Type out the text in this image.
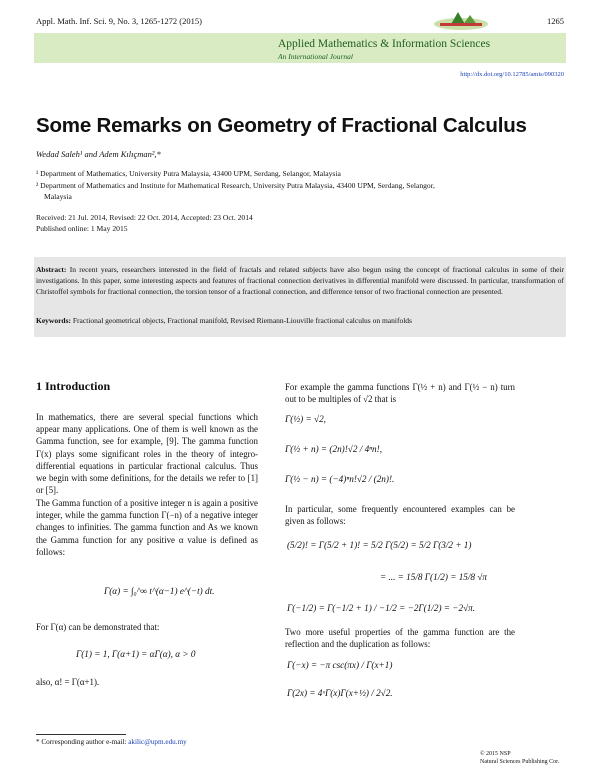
Appl. Math. Inf. Sci. 9, No. 3, 1265-1272 (2015)	1265
Applied Mathematics & Information Sciences
An International Journal
http://dx.doi.org/10.12785/amis/090320
Some Remarks on Geometry of Fractional Calculus
Wedad Saleh¹ and Adem Kılıçman²,*
¹ Department of Mathematics, University Putra Malaysia, 43400 UPM, Serdang, Selangor, Malaysia
² Department of Mathematics and Institute for Mathematical Research, University Putra Malaysia, 43400 UPM, Serdang, Selangor,
Malaysia
Received: 21 Jul. 2014, Revised: 22 Oct. 2014, Accepted: 23 Oct. 2014
Published online: 1 May 2015
Abstract: In recent years, researchers interested in the field of fractals and related subjects have also begun using the concept of fractional calculus in some of their investigations. In this paper, some interesting aspects and features of fractional connection derivatives in differential manifold were discussed. In particular, transformation of Christoffel symbols for fractional connection, the torsion tensor of a fractional connection, and difference tensor of two fractional connection are presented.
Keywords: Fractional geometrical objects, Fractional manifold, Revised Riemann-Liouville fractional calculus on manifolds
1 Introduction
In mathematics, there are several special functions which appear many applications. One of them is well known as the Gamma function, see for example, [9]. The gamma function Γ(x) plays some significant roles in the theory of integro-differential equations in particular fractional calculus. Thus we begin with some definitions, for the details we refer to [1] or [5].
The Gamma function of a positive integer n is again a positive integer, while the gamma function Γ(−n) of a negative integer changes to infinities. The gamma function and As we known the Gamma function for any positive α value is defined as follows:
Γ(α) = ∫₀^∞ t^(α−1) e^(−t) dt.
For Γ(α) can be demonstrated that:
Γ(1) = 1, Γ(α+1) = αΓ(α), α > 0
also, α! = Γ(α+1).
For example the gamma functions Γ(½ + n) and Γ(½ − n) turn out to be multiples of √2 that is
Γ(½) = √2,
Γ(½ + n) = (2n)!√2 / 4ⁿn!,
Γ(½ − n) = (−4)ⁿn!√2 / (2n)!.
In particular, some frequently encountered examples can be given as follows:
(5/2)! = Γ(5/2 + 1)! = 5/2 Γ(5/2) = 5/2 Γ(3/2 + 1)
= ... = 15/8 Γ(1/2) = 15/8 √π
Γ(−1/2) = Γ(−1/2 + 1) / −1/2 = −2Γ(1/2) = −2√π.
Two more useful properties of the gamma function are the reflection and the duplication as follows:
Γ(−x) = −π csc(πx) / Γ(x+1)
Γ(2x) = 4ˣΓ(x)Γ(x+½) / 2√2.
* Corresponding author e-mail: akilic@upm.edu.my
© 2015 NSP
Natural Sciences Publishing Cor.
